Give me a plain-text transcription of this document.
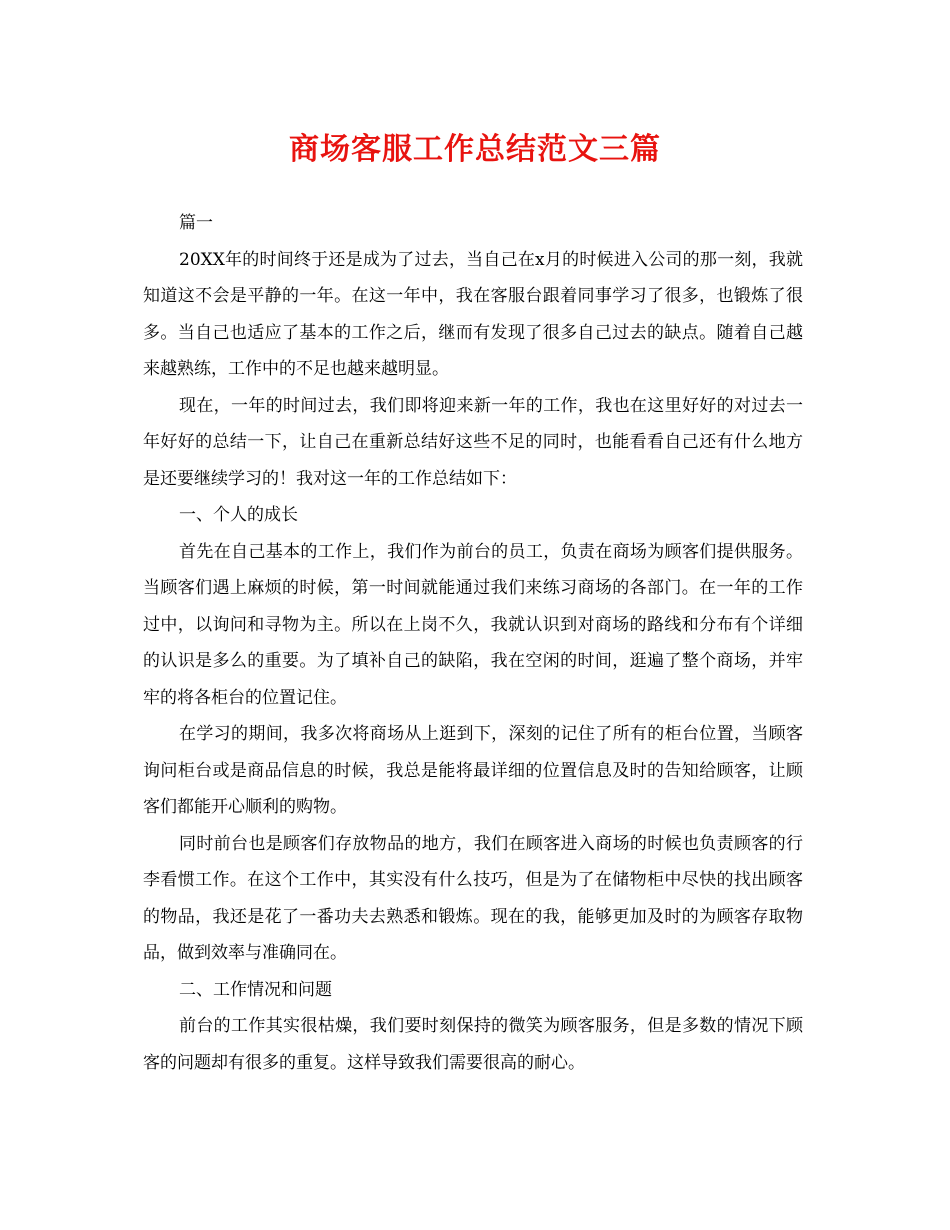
商场客服工作总结范文三篇

篇一

20XX年的时间终于还是成为了过去，当自己在x月的时候进入公司的那一刻，我就知道这不会是平静的一年。在这一年中，我在客服台跟着同事学习了很多，也锻炼了很多。当自己也适应了基本的工作之后，继而有发现了很多自己过去的缺点。随着自己越来越熟练，工作中的不足也越来越明显。

现在，一年的时间过去，我们即将迎来新一年的工作，我也在这里好好的对过去一年好好的总结一下，让自己在重新总结好这些不足的同时，也能看看自己还有什么地方是还要继续学习的！我对这一年的工作总结如下：

一、个人的成长

首先在自己基本的工作上，我们作为前台的员工，负责在商场为顾客们提供服务。当顾客们遇上麻烦的时候，第一时间就能通过我们来练习商场的各部门。在一年的工作过中，以询问和寻物为主。所以在上岗不久，我就认识到对商场的路线和分布有个详细的认识是多么的重要。为了填补自己的缺陷，我在空闲的时间，逛遍了整个商场，并牢牢的将各柜台的位置记住。

在学习的期间，我多次将商场从上逛到下，深刻的记住了所有的柜台位置，当顾客询问柜台或是商品信息的时候，我总是能将最详细的位置信息及时的告知给顾客，让顾客们都能开心顺利的购物。

同时前台也是顾客们存放物品的地方，我们在顾客进入商场的时候也负责顾客的行李看惯工作。在这个工作中，其实没有什么技巧，但是为了在储物柜中尽快的找出顾客的物品，我还是花了一番功夫去熟悉和锻炼。现在的我，能够更加及时的为顾客存取物品，做到效率与准确同在。

二、工作情况和问题

前台的工作其实很枯燥，我们要时刻保持的微笑为顾客服务，但是多数的情况下顾客的问题却有很多的重复。这样导致我们需要很高的耐心。
